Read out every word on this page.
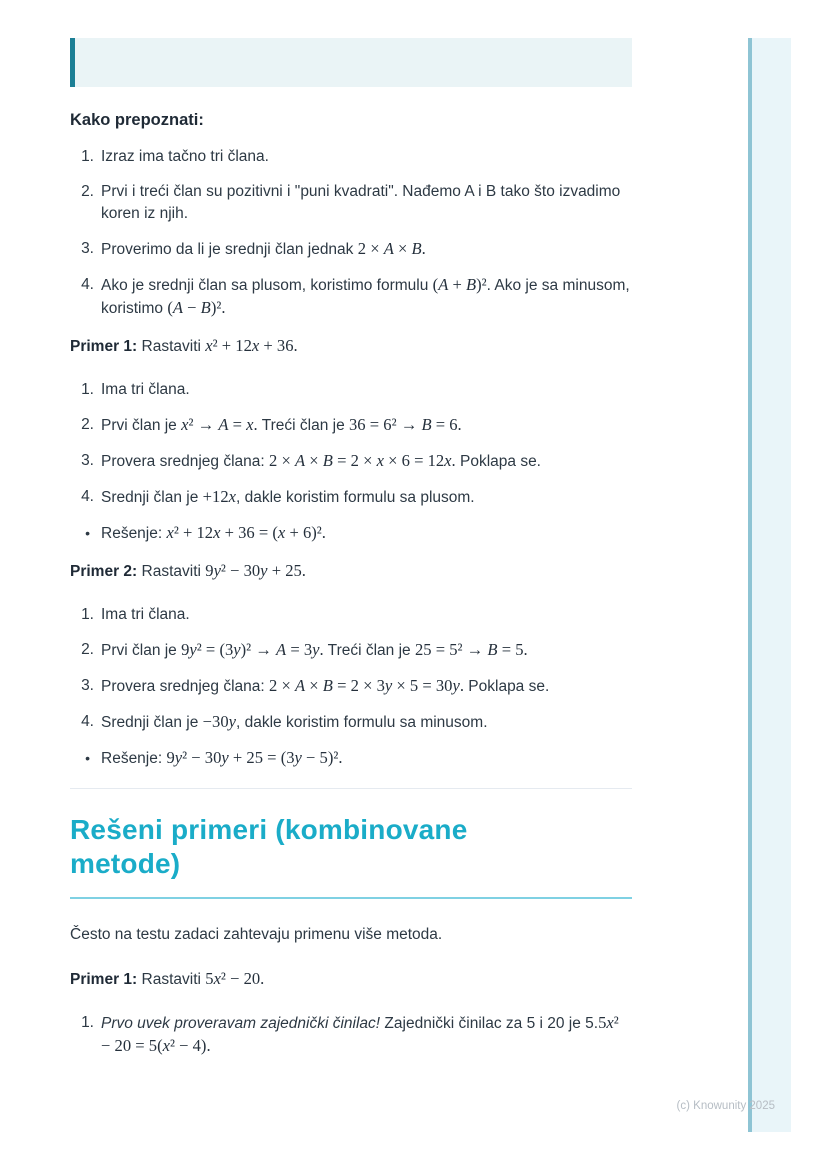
Kako prepoznati:

1. Izraz ima tačno tri člana.
2. Prvi i treći član su pozitivni i "puni kvadrati". Nađemo A i B tako što izvadimo koren iz njih.
3. Proverimo da li je srednji član jednak 2 × A × B.
4. Ako je srednji član sa plusom, koristimo formulu (A + B)². Ako je sa minusom, koristimo (A − B)².

Primer 1: Rastaviti x² + 12x + 36.

1. Ima tri člana.
2. Prvi član je x² → A = x. Treći član je 36 = 6² → B = 6.
3. Provera srednjeg člana: 2 × A × B = 2 × x × 6 = 12x. Poklapa se.
4. Srednji član je +12x, dakle koristim formulu sa plusom.
• Rešenje: x² + 12x + 36 = (x + 6)².

Primer 2: Rastaviti 9y² − 30y + 25.

1. Ima tri člana.
2. Prvi član je 9y² = (3y)² → A = 3y. Treći član je 25 = 5² → B = 5.
3. Provera srednjeg člana: 2 × A × B = 2 × 3y × 5 = 30y. Poklapa se.
4. Srednji član je −30y, dakle koristim formulu sa minusom.
• Rešenje: 9y² − 30y + 25 = (3y − 5)².
Rešeni primeri (kombinovane metode)

Često na testu zadaci zahtevaju primenu više metoda.

Primer 1: Rastaviti 5x² − 20.

1. Prvo uvek proveravam zajednički činilac! Zajednički činilac za 5 i 20 je 5.5x² − 20 = 5(x² − 4).
(c) Knowunity 2025
